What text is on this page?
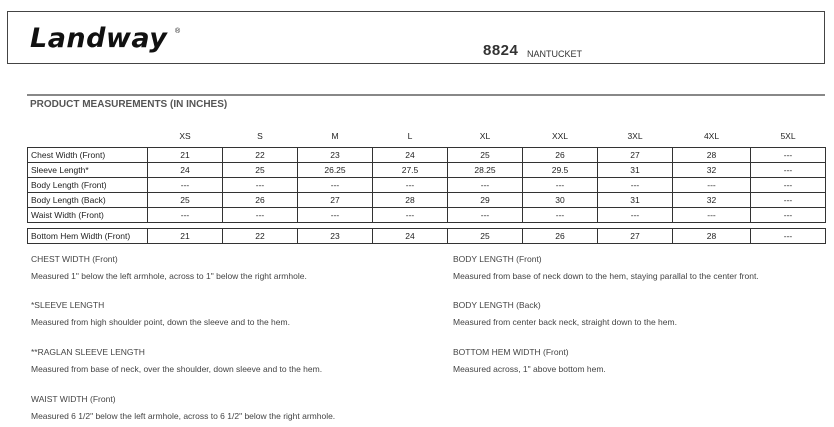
Landway ®
8824 NANTUCKET
PRODUCT MEASUREMENTS (IN INCHES)
	XS	S	M	L	XL	XXL	3XL	4XL	5XL

Chest Width (Front)	21	22	23	24	25	26	27	28	---
Sleeve Length*	24	25	26.25	27.5	28.25	29.5	31	32	---
Body Length (Front)	---	---	---	---	---	---	---	---	---
Body Length (Back)	25	26	27	28	29	30	31	32	---
Waist Width (Front)	---	---	---	---	---	---	---	---	---

Bottom Hem Width (Front)	21	22	23	24	25	26	27	28	---
CHEST WIDTH (Front)
Measured 1" below the left armhole, across to 1" below the right armhole.
*SLEEVE LENGTH
Measured from high shoulder point, down the sleeve and to the hem.
**RAGLAN SLEEVE LENGTH
Measured from base of neck, over the shoulder, down sleeve and to the hem.
WAIST WIDTH (Front)
Measured 6 1/2" below the left armhole, across to 6 1/2" below the right armhole.
BODY LENGTH (Front)
Measured from base of neck down to the hem, staying parallal to the center front.
BODY LENGTH (Back)
Measured from center back neck, straight down to the hem.
BOTTOM HEM WIDTH (Front)
Measured across, 1" above bottom hem.
